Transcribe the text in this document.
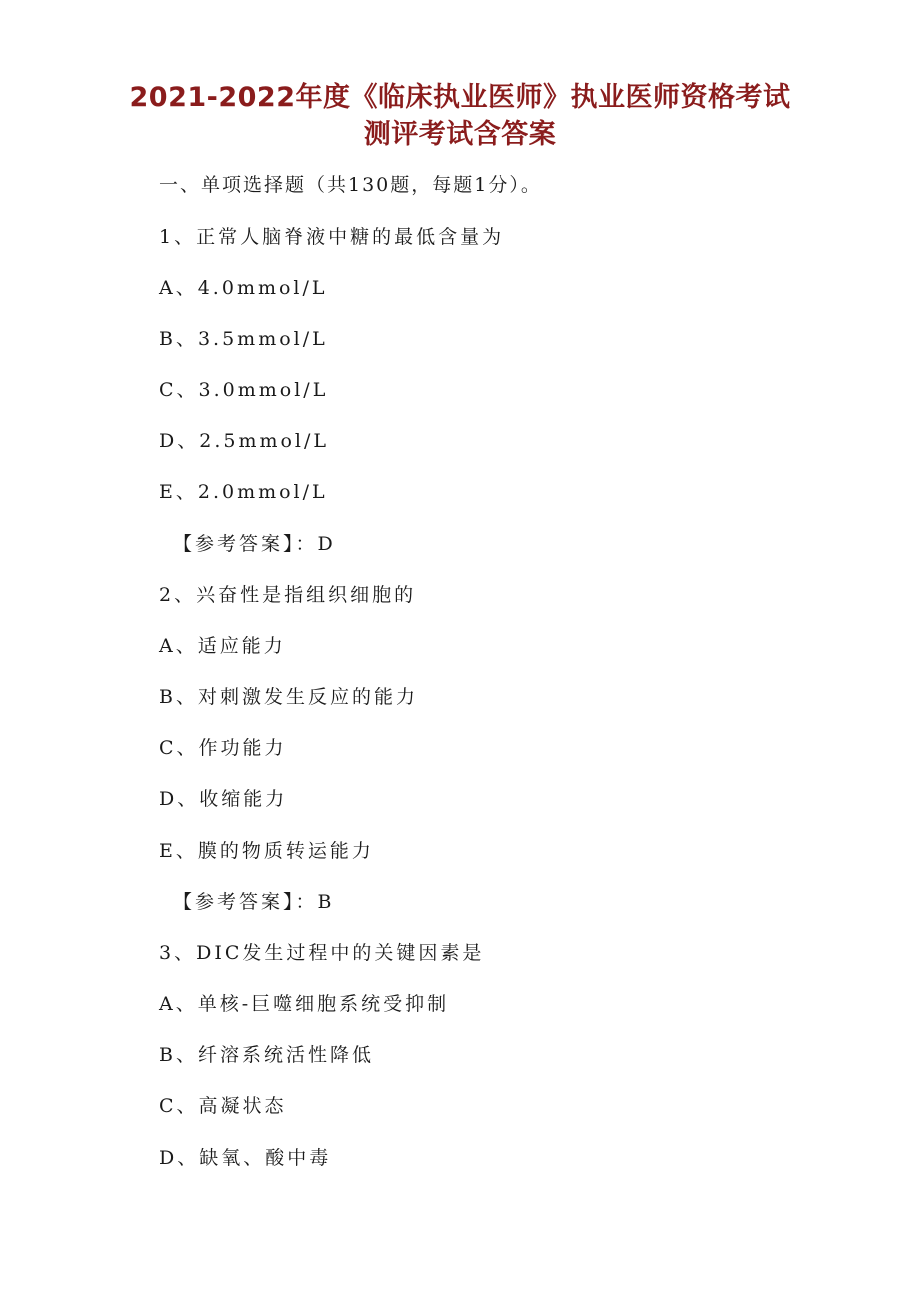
2021-2022年度《临床执业医师》执业医师资格考试
测评考试含答案
一、单项选择题（共130题，每题1分）。
1、正常人脑脊液中糖的最低含量为
A、4.0mmol/L
B、3.5mmol/L
C、3.0mmol/L
D、2.5mmol/L
E、2.0mmol/L
【参考答案】：D
2、兴奋性是指组织细胞的
A、适应能力
B、对刺激发生反应的能力
C、作功能力
D、收缩能力
E、膜的物质转运能力
【参考答案】：B
3、DIC发生过程中的关键因素是
A、单核-巨噬细胞系统受抑制
B、纤溶系统活性降低
C、高凝状态
D、缺氧、酸中毒
